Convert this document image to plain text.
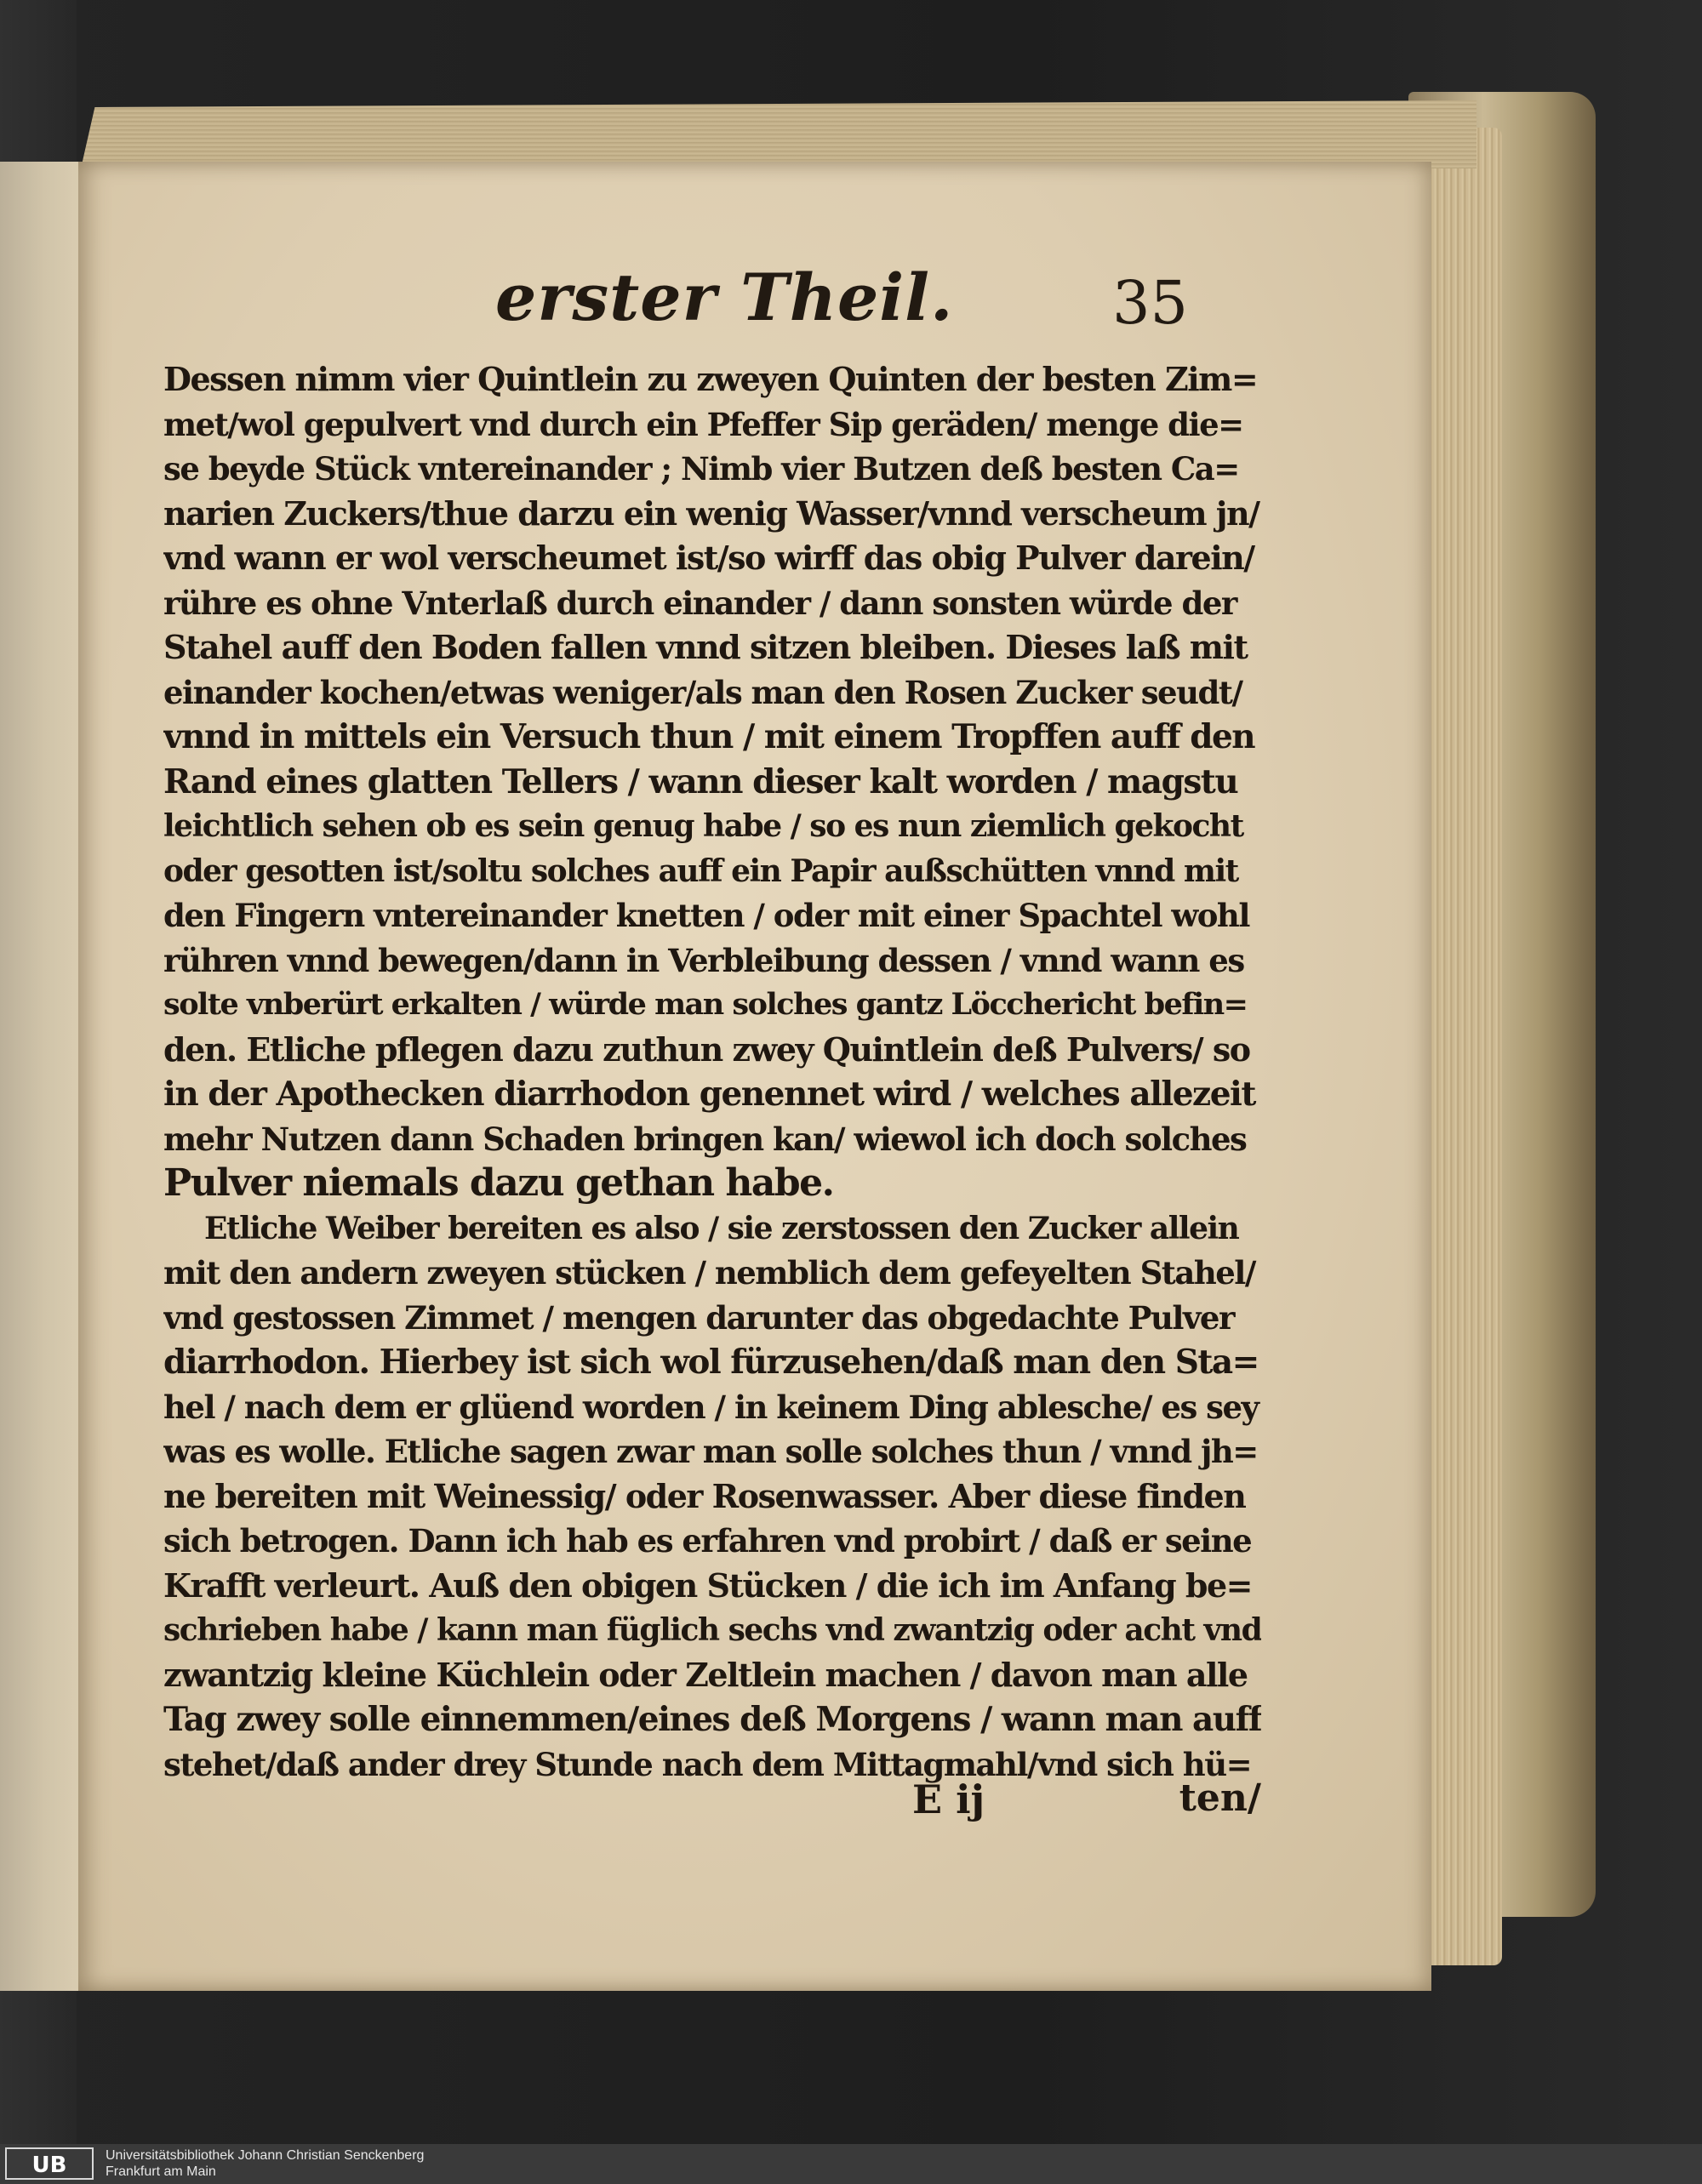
erster Theil.	35
Dessen nimm vier Quintlein zu zweyen Quinten der besten Zim=
met/wol gepulvert vnd durch ein Pfeffer Sip geräden/ menge die=
se beyde Stück vntereinander ; Nimb vier Butzen deß besten Ca=
narien Zuckers/thue darzu ein wenig Wasser/vnnd verscheum jn/
vnd wann er wol verscheumet ist/so wirff das obig Pulver darein/
rühre es ohne Vnterlaß durch einander / dann sonsten würde der
Stahel auff den Boden fallen vnnd sitzen bleiben. Dieses laß mit
einander kochen/etwas weniger/als man den Rosen Zucker seudt/
vnnd in mittels ein Versuch thun / mit einem Tropffen auff den
Rand eines glatten Tellers / wann dieser kalt worden / magstu
leichtlich sehen ob es sein genug habe / so es nun ziemlich gekocht
oder gesotten ist/soltu solches auff ein Papir außschütten vnnd mit
den Fingern vntereinander knetten / oder mit einer Spachtel wohl
rühren vnnd bewegen/dann in Verbleibung dessen / vnnd wann es
solte vnberürt erkalten / würde man solches gantz Löcchericht befin=
den. Etliche pflegen dazu zuthun zwey Quintlein deß Pulvers/ so
in der Apothecken diarrhodon genennet wird / welches allezeit
mehr Nutzen dann Schaden bringen kan/ wiewol ich doch solches
Pulver niemals dazu gethan habe.
Etliche Weiber bereiten es also / sie zerstossen den Zucker allein
mit den andern zweyen stücken / nemblich dem gefeyelten Stahel/
vnd gestossen Zimmet / mengen darunter das obgedachte Pulver
diarrhodon. Hierbey ist sich wol fürzusehen/daß man den Sta=
hel / nach dem er glüend worden / in keinem Ding ablesche/ es sey
was es wolle. Etliche sagen zwar man solle solches thun / vnnd jh=
ne bereiten mit Weinessig/ oder Rosenwasser. Aber diese finden
sich betrogen. Dann ich hab es erfahren vnd probirt / daß er seine
Krafft verleurt. Auß den obigen Stücken / die ich im Anfang be=
schrieben habe / kann man füglich sechs vnd zwantzig oder acht vnd
zwantzig kleine Küchlein oder Zeltlein machen / davon man alle
Tag zwey solle einnemmen/eines deß Morgens / wann man auff
stehet/daß ander drey Stunde nach dem Mittagmahl/vnd sich hü=
E ij	ten/
UB	Universitätsbibliothek Johann Christian Senckenberg
Frankfurt am Main
